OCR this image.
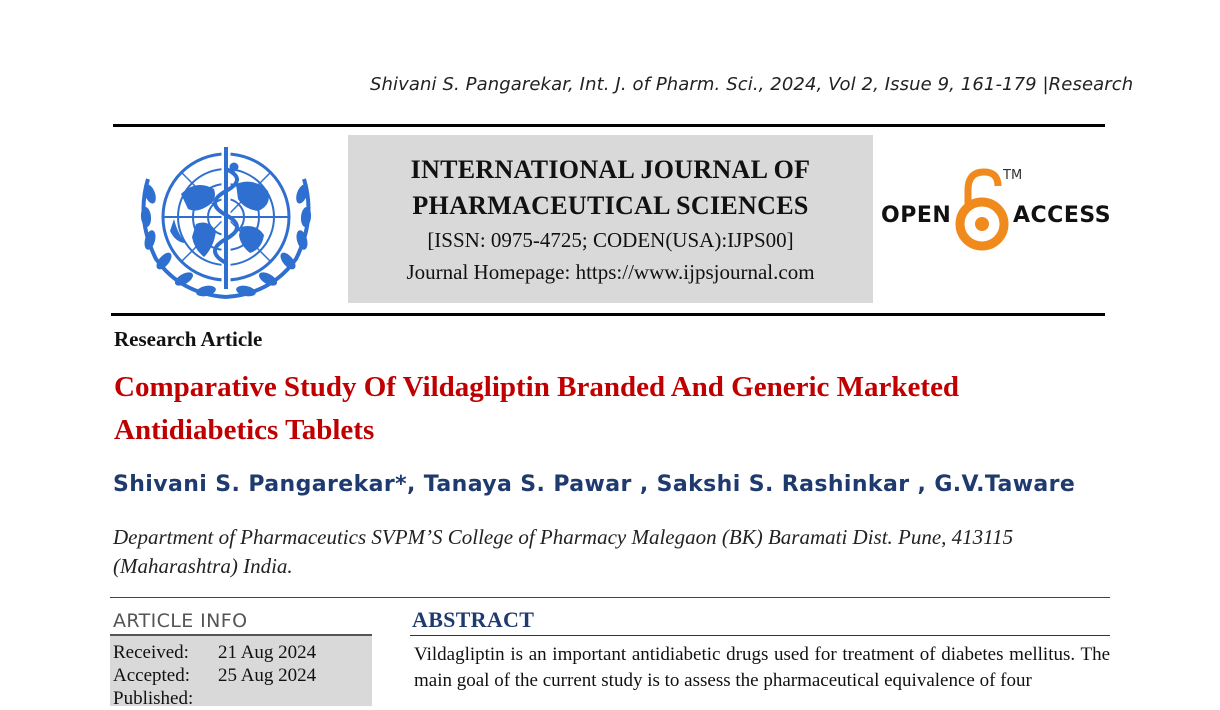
Shivani S. Pangarekar, Int. J. of Pharm. Sci., 2024, Vol 2, Issue 9, 161-179 |Research
INTERNATIONAL JOURNAL OF
PHARMACEUTICAL SCIENCES
[ISSN: 0975-4725; CODEN(USA):IJPS00]
Journal Homepage: https://www.ijpsjournal.com
OPEN
TM
ACCESS
Research Article
Comparative Study Of Vildagliptin Branded And Generic Marketed Antidiabetics Tablets
Shivani S. Pangarekar*, Tanaya S. Pawar , Sakshi S. Rashinkar , G.V.Taware
Department of Pharmaceutics SVPM’S College of Pharmacy Malegaon (BK) Baramati Dist. Pune, 413115 (Maharashtra) India.
ARTICLE INFO
Received: 21 Aug 2024
Accepted: 25 Aug 2024
Published:
ABSTRACT
Vildagliptin is an important antidiabetic drugs used for treatment of diabetes mellitus. The main goal of the current study is to assess the pharmaceutical equivalence of four
